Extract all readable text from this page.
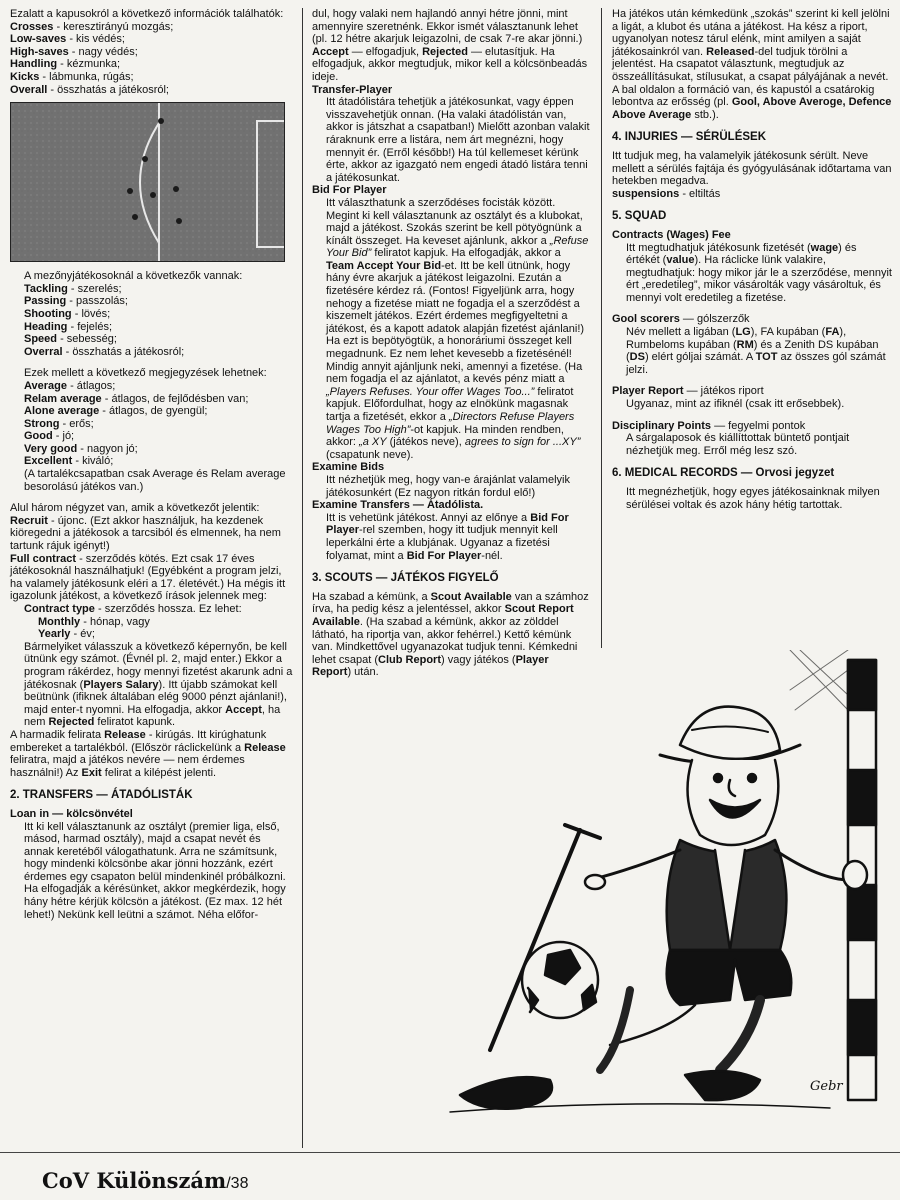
Ezalatt a kapusokról a következő információk találhatók:

Crosses - keresztirányú mozgás;
Low-saves - kis védés;
High-saves - nagy védés;
Handling - kézmunka;
Kicks - lábmunka, rúgás;
Overall - összhatás a játékosról;

A mezőnyjátékosoknál a következők vannak:

Tackling - szerelés;
Passing - passzolás;
Shooting - lövés;
Heading - fejelés;
Speed - sebesség;
Overral - összhatás a játékosról;

Ezek mellett a következő megjegyzések lehetnek:

Average - átlagos;
Relam average - átlagos, de fejlődésben van;
Alone average - átlagos, de gyengül;
Strong - erős;
Good - jó;
Very good - nagyon jó;
Excellent - kiváló;
(A tartalékcsapatban csak Average és Relam average besorolású játékos van.)

Alul három négyzet van, amik a következőt jelentik:

Recruit - újonc. (Ezt akkor használjuk, ha kezdenek kiöregedni a játékosok a tarcsiból és elmennek, ha nem tartunk rájuk igényt!)

Full contract - szerződés kötés. Ezt csak 17 éves játékosoknál használhatjuk! (Egyébként a program jelzi, ha valamely játékosunk eléri a 17. életévét.) Ha mégis itt igazolunk játékost, a következő írások jelennek meg:

Contract type - szerződés hossza. Ez lehet:

Monthly - hónap, vagy

Yearly - év;

Bármelyiket válasszuk a következő képernyőn, be kell ütnünk egy számot. (Évnél pl. 2, majd enter.) Ekkor a program rákérdez, hogy mennyi fizetést akarunk adni a játékosnak (Players Salary). Itt újabb számokat kell beütnünk (ifiknek általában elég 9000 pénzt ajánlani!), majd enter-t nyomni. Ha elfogadja, akkor Accept, ha nem Rejected feliratot kapunk.

A harmadik felirata Release - kirúgás. Itt kirúghatunk embereket a tartalékból. (Először ráclickelünk a Release feliratra, majd a játékos nevére — nem érdemes használni!) Az Exit felirat a kilépést jelenti.

2. TRANSFERS — ÁTADÓLISTÁK
Loan in — kölcsönvétel

Itt ki kell választanunk az osztályt (premier liga, első, másod, harmad osztály), majd a csapat nevét és annak keretéből válogathatunk. Arra ne számítsunk, hogy mindenki kölcsönbe akar jönni hozzánk, ezért érdemes egy csapaton belül mindenkinél próbálkozni.

Ha elfogadják a kérésünket, akkor megkérdezik, hogy hány hétre kérjük kölcsön a játékost. (Ez max. 12 hét lehet!) Nekünk kell leütni a számot. Néha előfor-

dul, hogy valaki nem hajlandó annyi hétre jönni, mint amennyire szeretnénk. Ekkor ismét választanunk lehet (pl. 12 hétre akarjuk leigazolni, de csak 7-re akar jönni.) Accept — elfogadjuk, Rejected — elutasítjuk. Ha elfogadjuk, akkor megtudjuk, mikor kell a kölcsönbeadás ideje.

Transfer-Player

Itt átadólistára tehetjük a játékosunkat, vagy éppen visszavehetjük onnan. (Ha valaki átadólistán van, akkor is játszhat a csapatban!) Mielőtt azonban valakit ráraknunk erre a listára, nem árt megnézni, hogy mennyit ér. (Erről később!) Ha túl kellemeset kérünk érte, akkor az igazgató nem engedi átadó listára tenni a játékosunkat.

Bid For Player

Itt választhatunk a szerződéses focisták között. Megint ki kell választanunk az osztályt és a klubokat, majd a játékost. Szokás szerint be kell pötyögnünk a kínált összeget. Ha keveset ajánlunk, akkor a „Refuse Your Bid” feliratot kapjuk. Ha elfogadják, akkor a Team Accept Your Bid-et. Itt be kell ütnünk, hogy hány évre akarjuk a játékost leigazolni. Ezután a fizetésére kérdez rá. (Fontos! Figyeljünk arra, hogy nehogy a fizetése miatt ne fogadja el a szerződést a kiszemelt játékos. Ezért érdemes megfigyeltetni a játékost, és a kapott adatok alapján fizetést ajánlani!) Ha ezt is bepötyögtük, a honoráriumi összeget kell megadnunk. Ez nem lehet kevesebb a fizetésénél!

Mindig annyit ajánljunk neki, amennyi a fizetése. (Ha nem fogadja el az ajánlatot, a kevés pénz miatt a „Players Refuses. Your offer Wages Too...” feliratot kapjuk. Előfordulhat, hogy az elnökünk magasnak tartja a fizetését, ekkor a „Directors Refuse Players Wages Too High”-ot kapjuk. Ha minden rendben, akkor: „a XY (játékos neve), agrees to sign for ...XY” (csapatunk neve).

Examine Bids

Itt nézhetjük meg, hogy van-e árajánlat valamelyik játékosunkért (Ez nagyon ritkán fordul elő!)

Examine Transfers — Átadólista.

Itt is vehetünk játékost. Annyi az előnye a Bid For Player-rel szemben, hogy itt tudjuk mennyit kell leperkálni érte a klubjának. Ugyanaz a fizetési folyamat, mint a Bid For Player-nél.

3. SCOUTS — JÁTÉKOS FIGYELŐ

Ha szabad a kémünk, a Scout Available van a számhoz írva, ha pedig kész a jelentéssel, akkor Scout Report Available. (Ha szabad a kémünk, akkor az zölddel látható, ha riportja van, akkor fehérrel.) Kettő kémünk van. Mindkettővel ugyanazokat tudjuk tenni. Kémkedni lehet csapat (Club Report) vagy játékos (Player Report) után.

Ha játékos után kémkedünk „szokás” szerint ki kell jelölni a ligát, a klubot és utána a játékost. Ha kész a riport, ugyanolyan notesz tárul elénk, mint amilyen a saját játékosainkról van. Released-del tudjuk törölni a jelentést. Ha csapatot választunk, megtudjuk az összeállításukat, stílusukat, a csapat pályájának a nevét. A bal oldalon a formáció van, és kapustól a csatárokig lebontva az erősség (pl. Gool, Above Averoge, Defence Above Average stb.).

4. INJURIES — SÉRÜLÉSEK

Itt tudjuk meg, ha valamelyik játékosunk sérült. Neve mellett a sérülés fajtája és gyógyulásának időtartama van hetekben megadva.

suspensions - eltiltás

5. SQUAD
Contracts (Wages) Fee

Itt megtudhatjuk játékosunk fizetését (wage) és értékét (value). Ha ráclicke lünk valakire, megtudhatjuk: hogy mikor jár le a szerződése, mennyit ért „eredetileg”, mikor vásárolták vagy vásároltuk, és mennyi volt eredetileg a fizetése.

Gool scorers — gólszerzők

Név mellett a ligában (LG), FA kupában (FA), Rumbeloms kupában (RM) és a Zenith DS kupában (DS) elért góljai számát. A TOT az összes gól számát jelzi.

Player Report — játékos riport

Ugyanaz, mint az ifiknél (csak itt erősebbek).

Disciplinary Points — fegyelmi pontok

A sárgalaposok és kiállíttottak büntető pontjait nézhetjük meg. Erről még lesz szó.

6. MEDICAL RECORDS — Orvosi jegyzet

Itt megnézhetjük, hogy egyes játékosainknak milyen sérülései voltak és azok hány hétig tartottak.

Gebr
CoV Különszám/38
